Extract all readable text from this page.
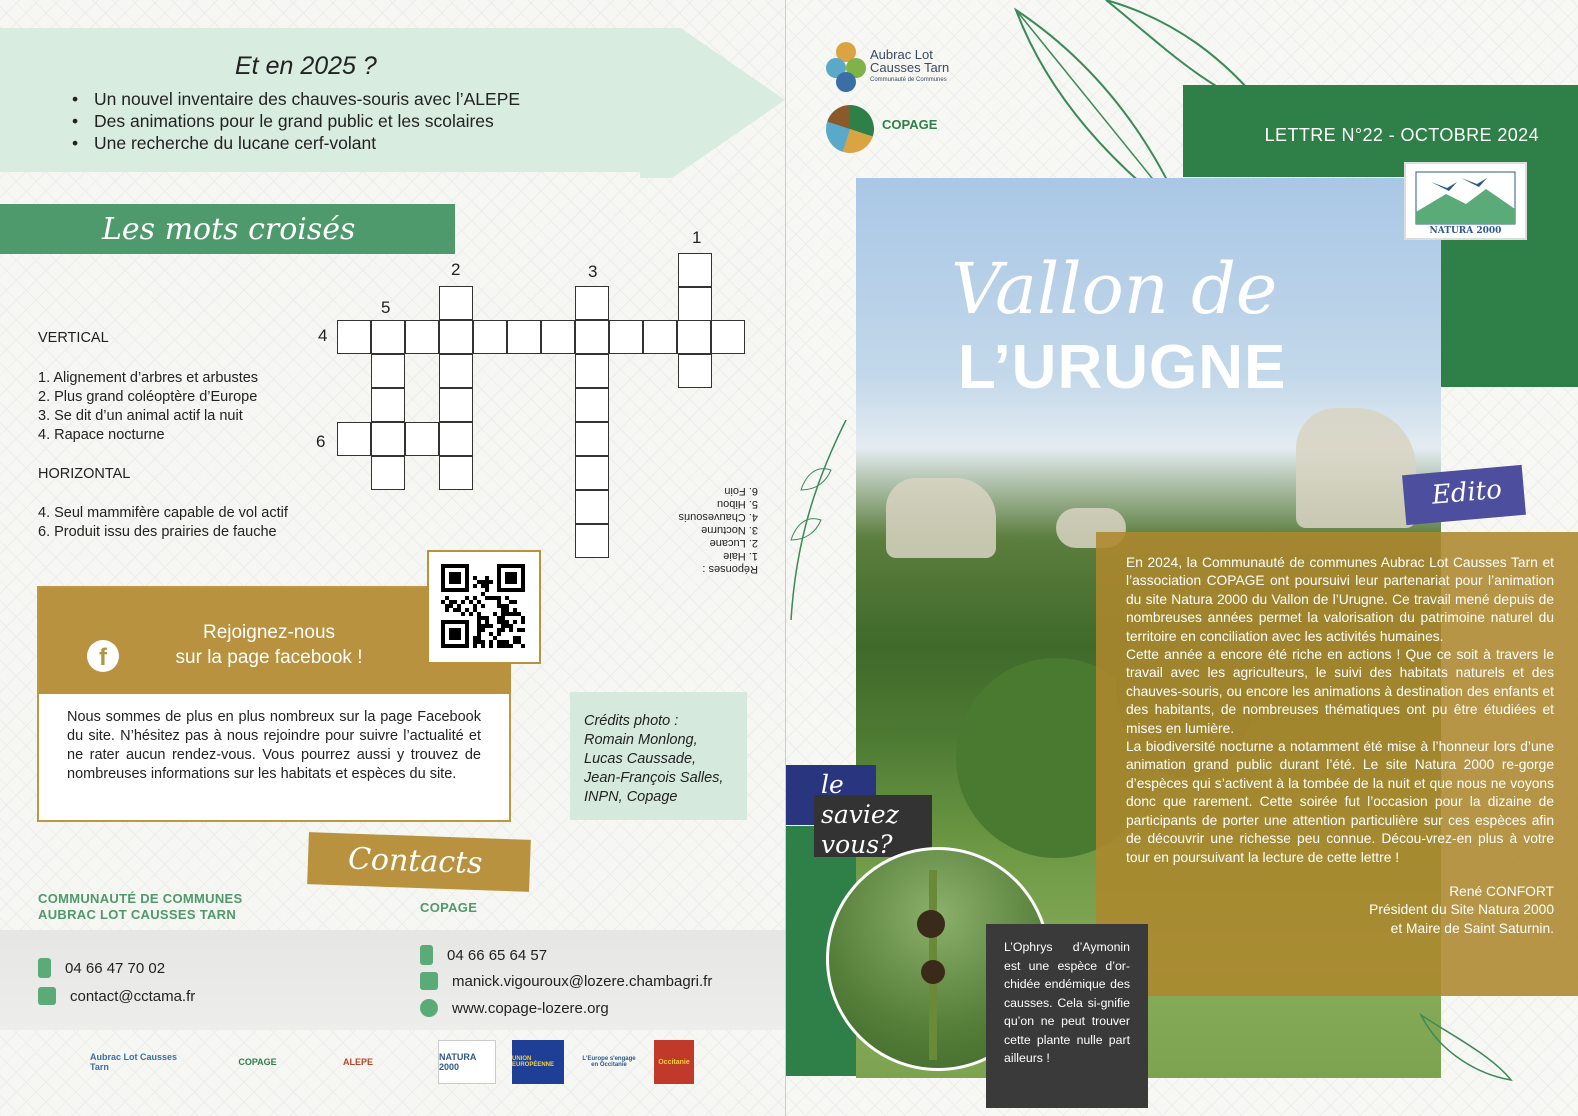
Et en 2025 ?
• Un nouvel inventaire des chauves-souris avec l’ALEPE
• Des animations pour le grand public et les scolaires
• Une recherche du lucane cerf-volant
Les mots croisés
VERTICAL
1. Alignement d’arbres et arbustes
2. Plus grand coléoptère d’Europe
3. Se dit d’un animal actif la nuit
4. Rapace nocturne
HORIZONTAL
4. Seul mammifère capable de vol actif
6. Produit issu des prairies de fauche
1
2	3
4
5
6
Réponses :
1. Haie
2. Lucane
3. Nocturne
4. Chauvesouris
5. Hibou
6. Foin
f
Rejoignez-nous
sur la page facebook !
Nous sommes de plus en plus nombreux sur la page Facebook du site. N’hésitez pas à nous rejoindre pour suivre l’actualité et ne rater aucun rendez-vous. Vous pourrez aussi y trouvez de nombreuses informations sur les habitats et espèces du site.
Crédits photo :
Romain Monlong,
Lucas Caussade,
Jean-François Salles,
INPN, Copage
Contacts
COMMUNAUTÉ DE COMMUNES
AUBRAC LOT CAUSSES TARN	COPAGE
04 66 47 70 02
contact@cctama.fr
04 66 65 64 57
manick.vigouroux@lozere.chambagri.fr
www.copage-lozere.org
Aubrac Lot Causses Tarn	COPAGE	ALEPE	NATURA 2000
UNION EUROPÉENNE
L'Europe s'engage en Occitanie	Occitanie
Aubrac Lot
Causses Tarn
Communauté de Communes
COPAGE
LETTRE N°22 - OCTOBRE 2024
NATURA 2000
Vallon de
L’URUGNE
Edito

En 2024, la Communauté de communes Aubrac Lot Causses Tarn et l’association COPAGE ont poursuivi leur partenariat pour l’animation du site Natura 2000 du Vallon de l’Urugne. Ce travail mené depuis de nombreuses années permet la valorisation du patrimoine naturel du territoire en conciliation avec les activités humaines.

Cette année a encore été riche en actions ! Que ce soit à travers le travail avec les agriculteurs, le suivi des habitats naturels et des chauves-souris, ou encore les animations à destination des enfants et des habitants, de nombreuses thématiques ont pu être étudiées et mises en lumière.

La biodiversité nocturne a notamment été mise à l’honneur lors d’une animation grand public durant l’été. Le site Natura 2000 re-gorge d’espèces qui s’activent à la tombée de la nuit et que nous ne voyons donc que rarement. Cette soirée fut l’occasion pour la dizaine de participants de porter une attention particulière sur ces espèces afin de découvrir une richesse peu connue. Décou-vrez-en plus à votre tour en poursuivant la lecture de cette lettre !

René CONFORT
Président du Site Natura 2000
et Maire de Saint Saturnin.
le
saviez
vous?
L’Ophrys d’Aymonin est une espèce d’or-chidée endémique des causses. Cela si-gnifie qu’on ne peut trouver cette plante nulle part ailleurs !
